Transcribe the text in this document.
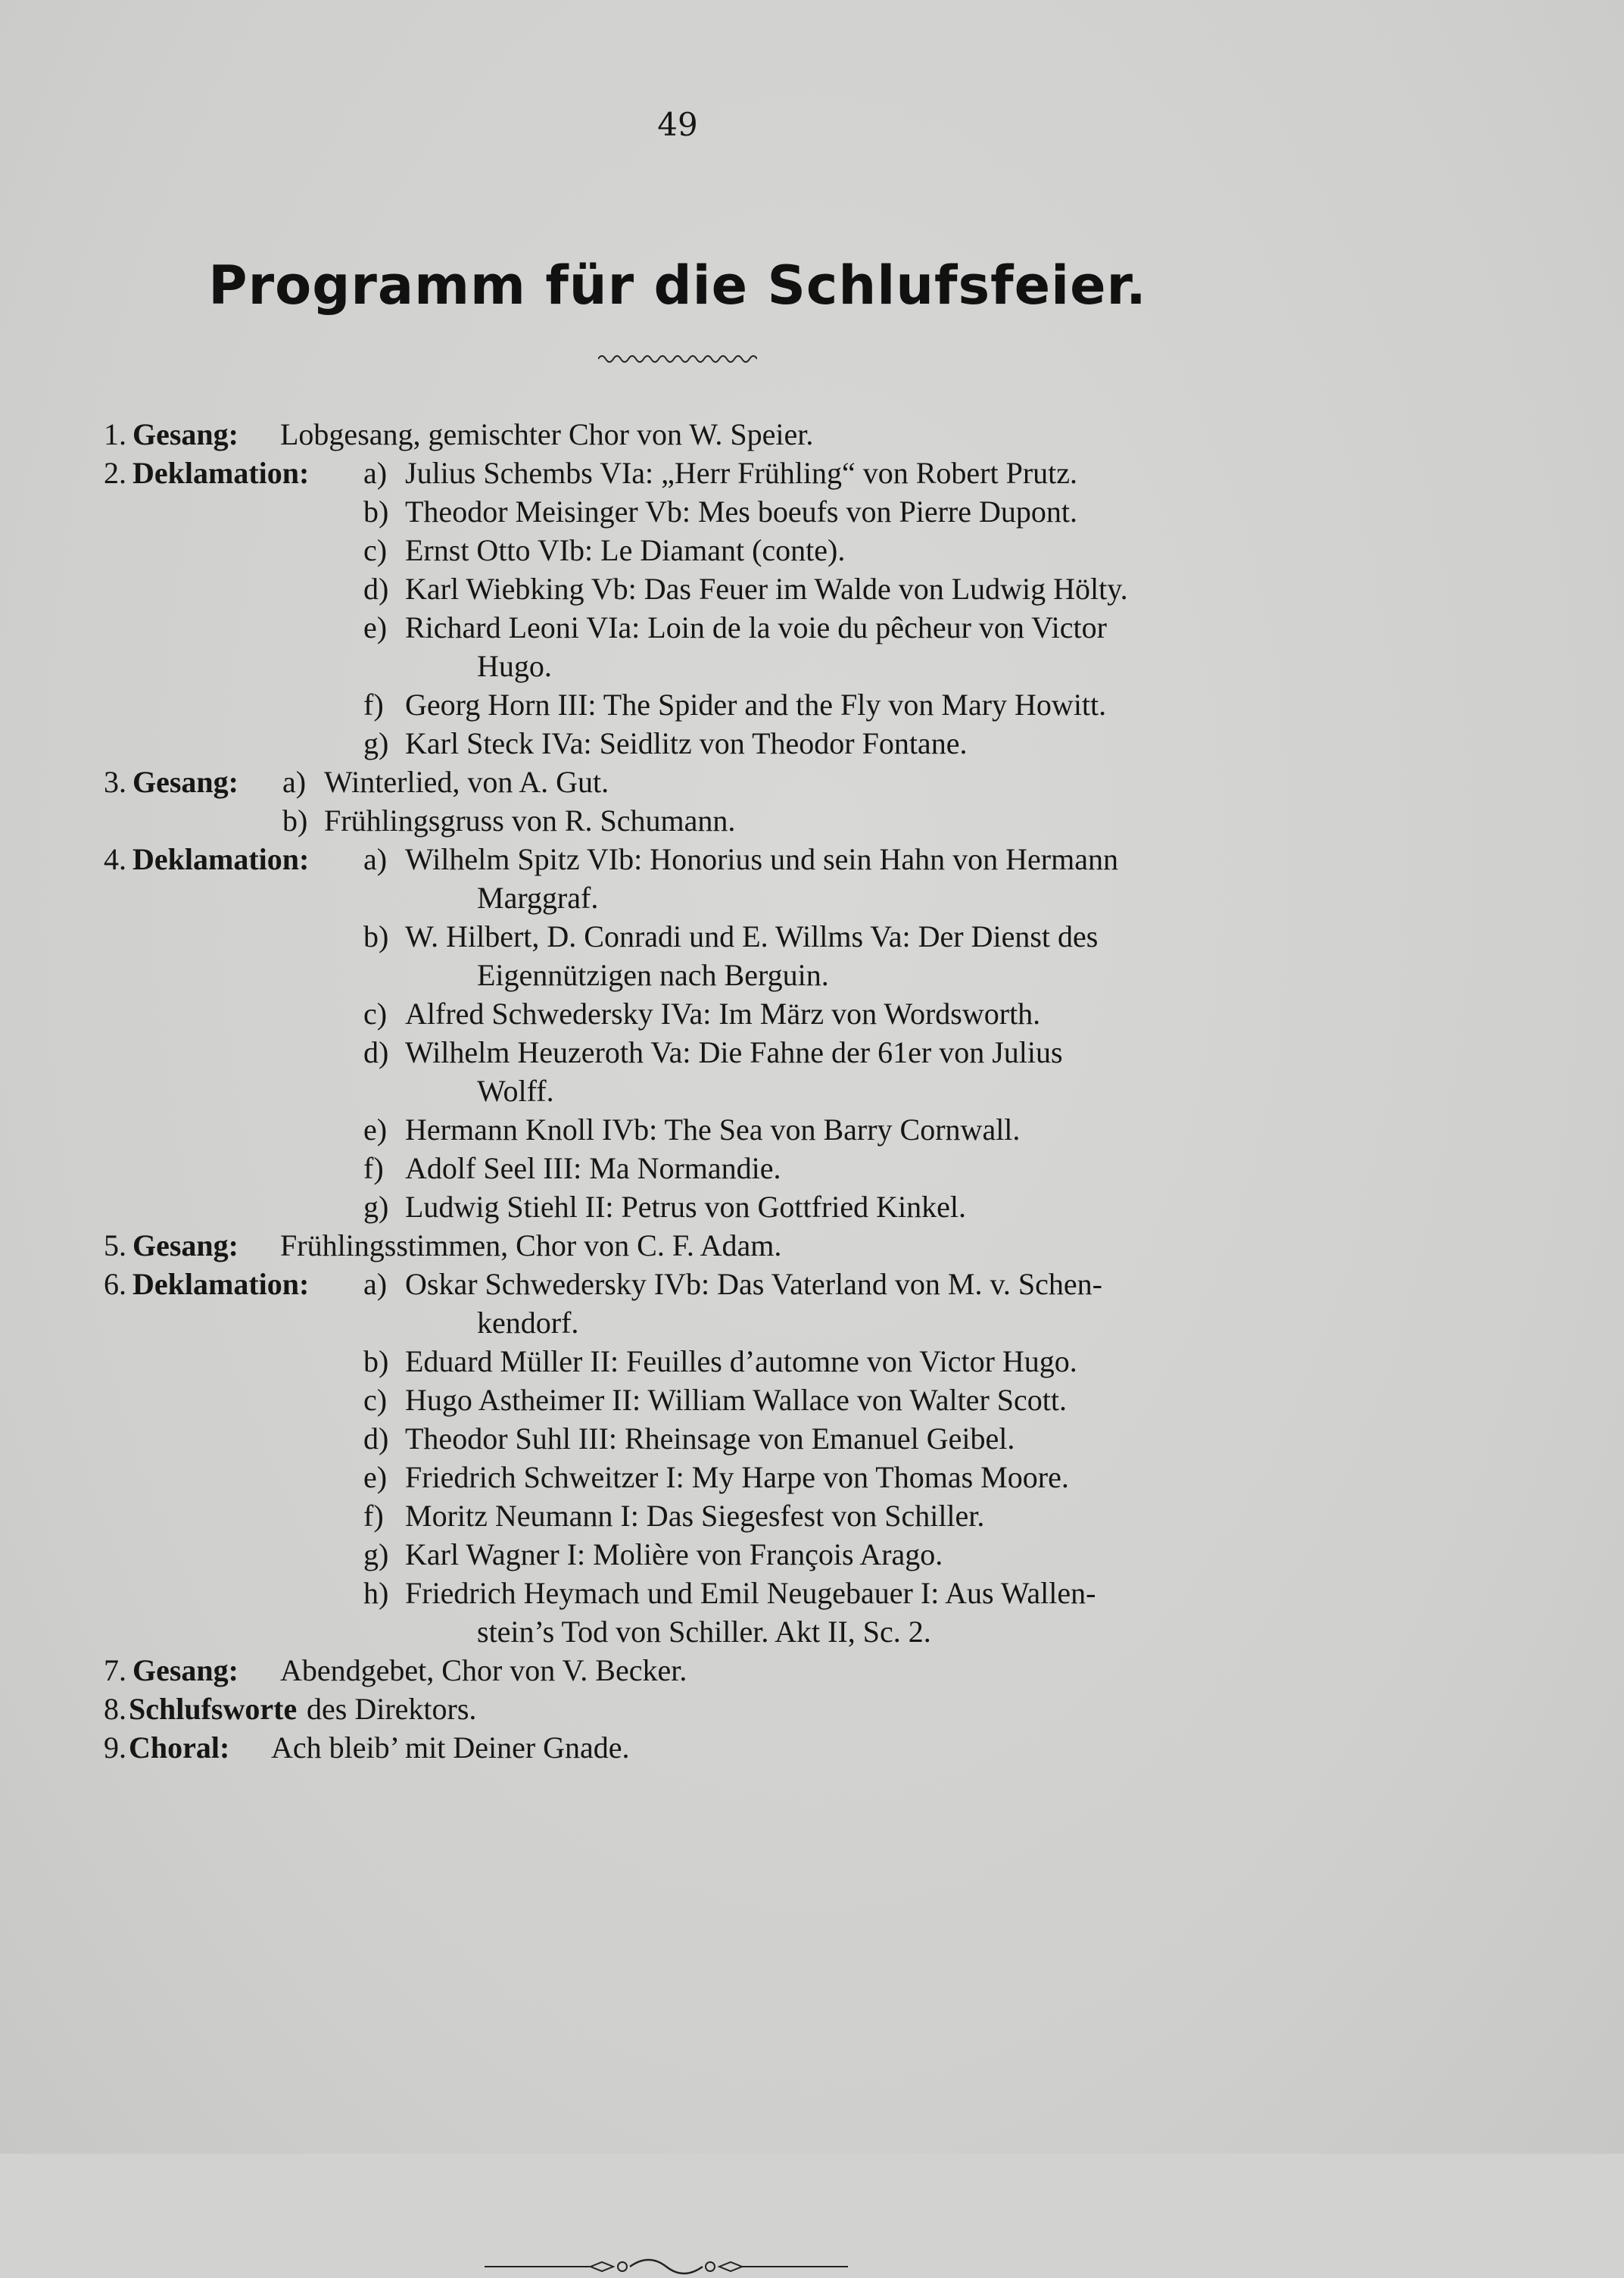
49
Programm für die Schlufsfeier.
1. Gesang: Lobgesang, gemischter Chor von W. Speier.
2. Deklamation: a) Julius Schembs VIa: „Herr Frühling“ von Robert Prutz.
b) Theodor Meisinger Vb: Mes boeufs von Pierre Dupont.
c) Ernst Otto VIb: Le Diamant (conte).
d) Karl Wiebking Vb: Das Feuer im Walde von Ludwig Hölty.
e) Richard Leoni VIa: Loin de la voie du pêcheur von Victor
Hugo.
f) Georg Horn III: The Spider and the Fly von Mary Howitt.
g) Karl Steck IVa: Seidlitz von Theodor Fontane.
3. Gesang: a) Winterlied, von A. Gut.
b) Frühlingsgruss von R. Schumann.
4. Deklamation: a) Wilhelm Spitz VIb: Honorius und sein Hahn von Hermann
Marggraf.
b) W. Hilbert, D. Conradi und E. Willms Va: Der Dienst des
Eigennützigen nach Berguin.
c) Alfred Schwedersky IVa: Im März von Wordsworth.
d) Wilhelm Heuzeroth Va: Die Fahne der 61er von Julius
Wolff.
e) Hermann Knoll IVb: The Sea von Barry Cornwall.
f) Adolf Seel III: Ma Normandie.
g) Ludwig Stiehl II: Petrus von Gottfried Kinkel.
5. Gesang: Frühlingsstimmen, Chor von C. F. Adam.
6. Deklamation: a) Oskar Schwedersky IVb: Das Vaterland von M. v. Schen-
kendorf.
b) Eduard Müller II: Feuilles d’automne von Victor Hugo.
c) Hugo Astheimer II: William Wallace von Walter Scott.
d) Theodor Suhl III: Rheinsage von Emanuel Geibel.
e) Friedrich Schweitzer I: My Harpe von Thomas Moore.
f) Moritz Neumann I: Das Siegesfest von Schiller.
g) Karl Wagner I: Molière von François Arago.
h) Friedrich Heymach und Emil Neugebauer I: Aus Wallen-
stein’s Tod von Schiller. Akt II, Sc. 2.
7. Gesang: Abendgebet, Chor von V. Becker.
8. Schlufsworte des Direktors.
9. Choral: Ach bleib’ mit Deiner Gnade.
